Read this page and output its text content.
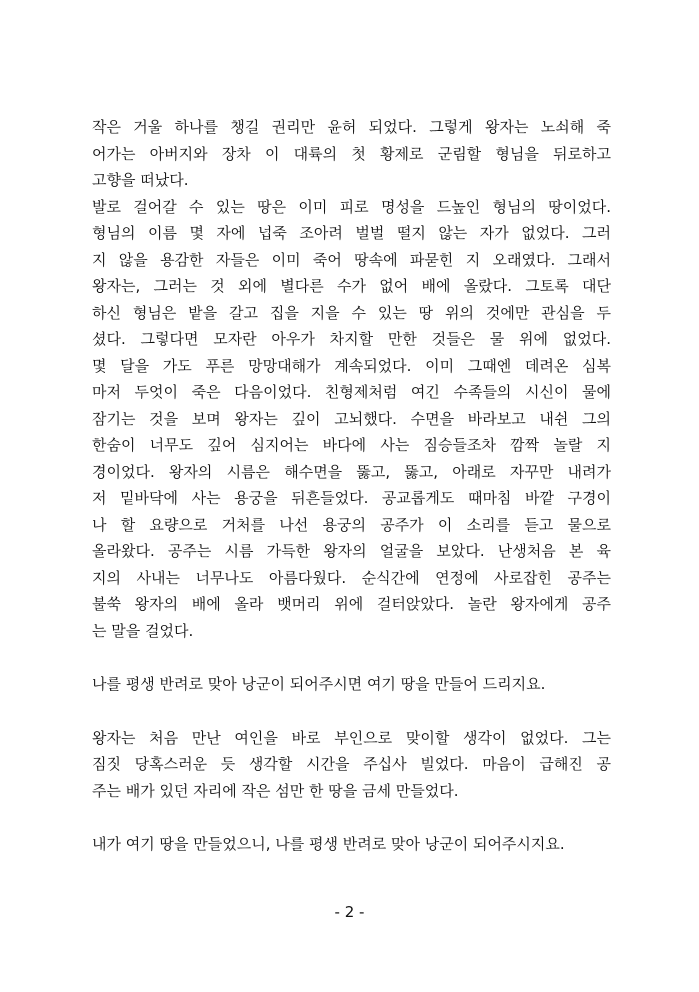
작은 거울 하나를 챙길 권리만 윤허 되었다. 그렇게 왕자는 노쇠해 죽
어가는 아버지와 장차 이 대륙의 첫 황제로 군림할 형님을 뒤로하고
고향을 떠났다.
발로 걸어갈 수 있는 땅은 이미 피로 명성을 드높인 형님의 땅이었다.
형님의 이름 몇 자에 넙죽 조아려 벌벌 떨지 않는 자가 없었다. 그러
지 않을 용감한 자들은 이미 죽어 땅속에 파묻힌 지 오래였다. 그래서
왕자는, 그러는 것 외에 별다른 수가 없어 배에 올랐다. 그토록 대단
하신 형님은 밭을 갈고 집을 지을 수 있는 땅 위의 것에만 관심을 두
셨다. 그렇다면 모자란 아우가 차지할 만한 것들은 물 위에 없었다.
몇 달을 가도 푸른 망망대해가 계속되었다. 이미 그때엔 데려온 심복
마저 두엇이 죽은 다음이었다. 친형제처럼 여긴 수족들의 시신이 물에
잠기는 것을 보며 왕자는 깊이 고뇌했다. 수면을 바라보고 내쉰 그의
한숨이 너무도 깊어 심지어는 바다에 사는 짐승들조차 깜짝 놀랄 지
경이었다. 왕자의 시름은 해수면을 뚫고, 뚫고, 아래로 자꾸만 내려가
저 밑바닥에 사는 용궁을 뒤흔들었다. 공교롭게도 때마침 바깥 구경이
나 할 요량으로 거처를 나선 용궁의 공주가 이 소리를 듣고 물으로
올라왔다. 공주는 시름 가득한 왕자의 얼굴을 보았다. 난생처음 본 육
지의 사내는 너무나도 아름다웠다. 순식간에 연정에 사로잡힌 공주는
불쑥 왕자의 배에 올라 뱃머리 위에 걸터앉았다. 놀란 왕자에게 공주
는 말을 걸었다.
나를 평생 반려로 맞아 낭군이 되어주시면 여기 땅을 만들어 드리지요.
왕자는 처음 만난 여인을 바로 부인으로 맞이할 생각이 없었다. 그는
짐짓 당혹스러운 듯 생각할 시간을 주십사 빌었다. 마음이 급해진 공
주는 배가 있던 자리에 작은 섬만 한 땅을 금세 만들었다.
내가 여기 땅을 만들었으니, 나를 평생 반려로 맞아 낭군이 되어주시지요.
- 2 -
